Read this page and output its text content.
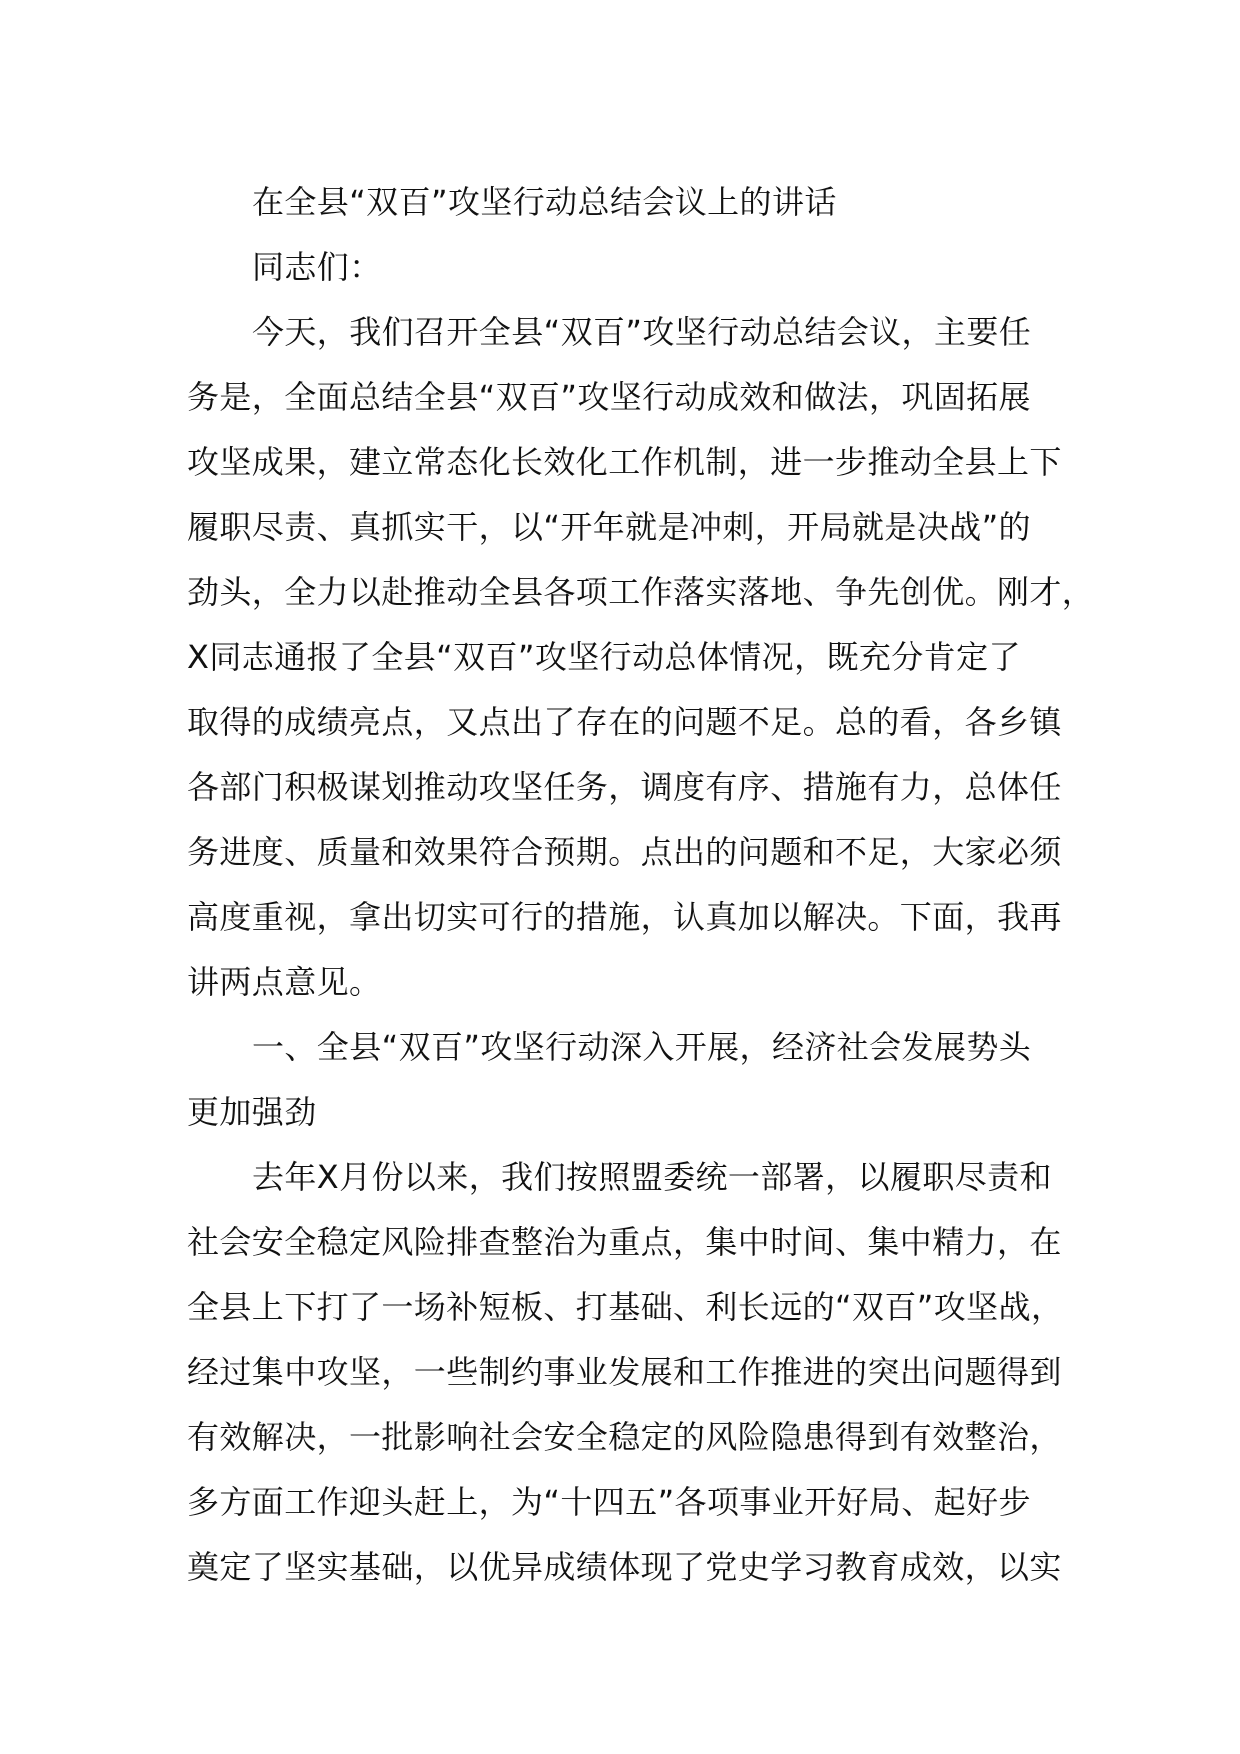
在全县“双百”攻坚行动总结会议上的讲话

同志们：

今天，我们召开全县“双百”攻坚行动总结会议，主要任
务是，全面总结全县“双百”攻坚行动成效和做法，巩固拓展
攻坚成果，建立常态化长效化工作机制，进一步推动全县上下
履职尽责、真抓实干，以“开年就是冲刺，开局就是决战”的
劲头，全力以赴推动全县各项工作落实落地、争先创优。刚才，
X同志通报了全县“双百”攻坚行动总体情况，既充分肯定了
取得的成绩亮点，又点出了存在的问题不足。总的看，各乡镇
各部门积极谋划推动攻坚任务，调度有序、措施有力，总体任
务进度、质量和效果符合预期。点出的问题和不足，大家必须
高度重视，拿出切实可行的措施，认真加以解决。下面，我再
讲两点意见。

一、全县“双百”攻坚行动深入开展，经济社会发展势头
更加强劲

去年X月份以来，我们按照盟委统一部署，以履职尽责和
社会安全稳定风险排查整治为重点，集中时间、集中精力，在
全县上下打了一场补短板、打基础、利长远的“双百”攻坚战，
经过集中攻坚，一些制约事业发展和工作推进的突出问题得到
有效解决，一批影响社会安全稳定的风险隐患得到有效整治，
多方面工作迎头赶上，为“十四五”各项事业开好局、起好步
奠定了坚实基础，以优异成绩体现了党史学习教育成效，以实
